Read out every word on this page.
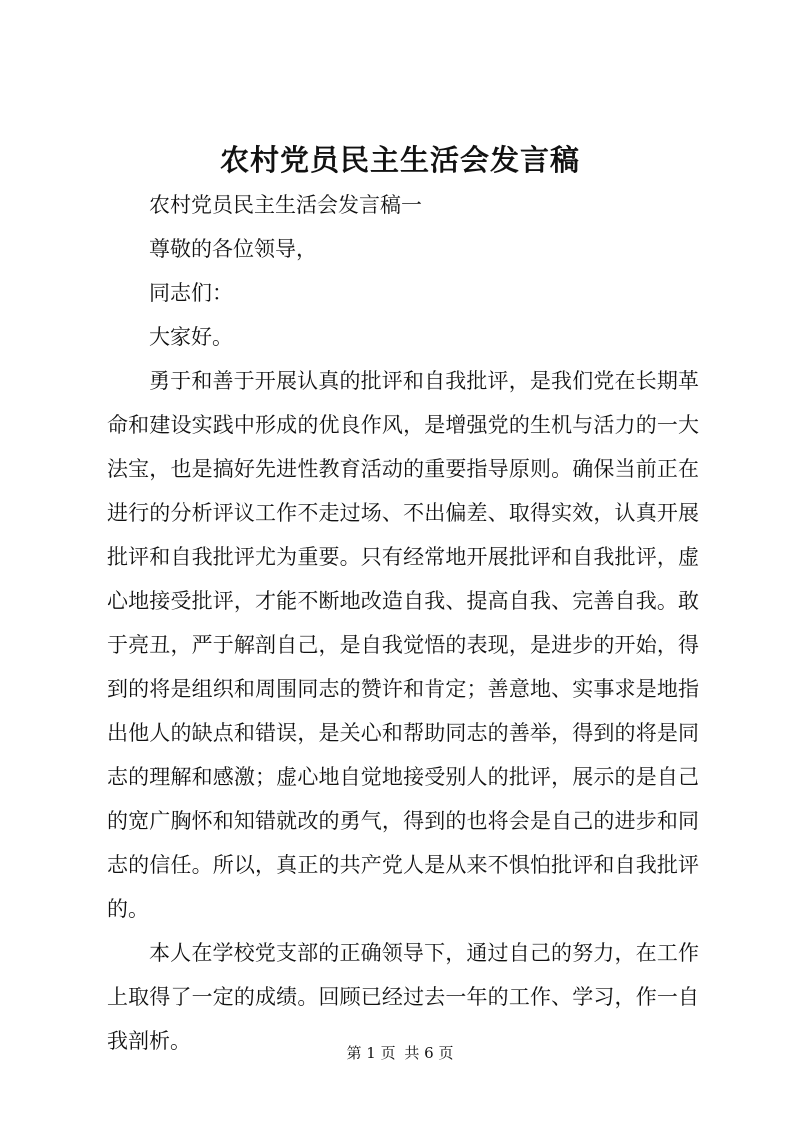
农村党员民主生活会发言稿

农村党员民主生活会发言稿一

尊敬的各位领导，

同志们：

大家好。

勇于和善于开展认真的批评和自我批评，是我们党在长期革命和建设实践中形成的优良作风，是增强党的生机与活力的一大法宝，也是搞好先进性教育活动的重要指导原则。确保当前正在进行的分析评议工作不走过场、不出偏差、取得实效，认真开展批评和自我批评尤为重要。只有经常地开展批评和自我批评，虚心地接受批评，才能不断地改造自我、提高自我、完善自我。敢于亮丑，严于解剖自己，是自我觉悟的表现，是进步的开始，得到的将是组织和周围同志的赞许和肯定；善意地、实事求是地指出他人的缺点和错误，是关心和帮助同志的善举，得到的将是同志的理解和感激；虚心地自觉地接受别人的批评，展示的是自己的宽广胸怀和知错就改的勇气，得到的也将会是自己的进步和同志的信任。所以，真正的共产党人是从来不惧怕批评和自我批评的。

本人在学校党支部的正确领导下，通过自己的努力，在工作上取得了一定的成绩。回顾已经过去一年的工作、学习，作一自我剖析。	第 1 页 共 6 页
